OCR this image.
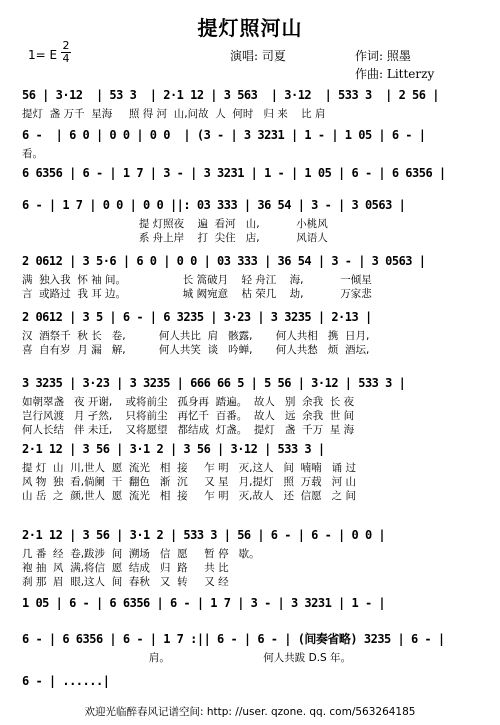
提灯照河山
1= E
2
4	演唱: 司夏	作词: 照墨
作曲: Litterzy
56 | 3·12  | 53 3  | 2·1 12 | 3 563  | 3·12  | 533 3  | 2 56 |
提灯  盏 万千  星海     照 得 河  山,问故  人  何时   归 来    比 肩
6 -  | 6 0 | 0 0 | 0 0  | (3 - | 3 3231 | 1 - | 1 05 | 6 - |
看。
6 6356 | 6 - | 1 7 | 3 - | 3 3231 | 1 - | 1 05 | 6 - | 6 6356 |
6 - | 1 7 | 0 0 | 0 0 ||: 03 333 | 36 54 | 3 - | 3 0563 |
提 灯照夜    遍  看河   山,           小桃风
系 舟上岸    打  尖住   店,           风语人
2 0612 | 3 5·6 | 6 0 | 0 0 | 03 333 | 36 54 | 3 - | 3 0563 |
满  独入我  怀 袖 间。                 长 篙破月    轻 舟江    海,           一倾星
言  或路过  我 耳 边。                 城 阙宛意    枯 荣几    劫,           万家悲
2 0612 | 3 5 | 6 - | 6 3235 | 3·23 | 3 3235 | 2·13 |
汉  酒祭千  秋 长   卷,          何人共比  肩   骸露,       何人共相   携  日月,
喜  自有岁  月 漏   解,          何人共笑  谈   吟蝉,       何人共愁   烦  酒坛,
3 3235 | 3·23 | 3 3235 | 666 66 5 | 5 56 | 3·12 | 533 3 |
如朝翠盏   夜 开谢,    或将前尘   孤身再  踏遍。  故人   别  余我  长 夜
岂行风渡   月 孑然,    只将前尘   再忆千  百番。  故人   远  余我  世 间
何人长结   伴 未迁,    又将愿望   都结成  灯盏。  提灯   盏  千万  星 海
2·1 12 | 3 56 | 3·1 2 | 3 56 | 3·12 | 533 3 |
提 灯  山  川,世人  愿  流光   相  接     乍 明   灭,这人   间  喃喃   诵 过
风 物  独  看,倘阑  干  翻色   渐  沉     又 星   月,提灯   照  万载   河 山
山 岳  之  颜,世人  愿  流光   相  接     乍 明   灭,故人   还  信愿   之 间
2·1 12 | 3 56 | 3·1 2 | 533 3 | 56 | 6 - | 6 - | 0 0 |
几 番  经  卷,跋涉  间  溯场   信  愿     暂 停   歇。
袍 抽  风  满,将信  愿  结成   归  路     共 比
刹 那  眉  眼,这人  间  春秋   又  转     又 经
1 05 | 6 - | 6 6356 | 6 - | 1 7 | 3 - | 3 3231 | 1 - |
6 - | 6 6356 | 6 - | 1 7 :|| 6 - | 6 - | (间奏省略) 3235 | 6 - |
肩。                            何人共跋 D.S 年。
6 - | ......|
欢迎光临醉春风记谱空间: http: //user. qzone. qq. com/563264185
